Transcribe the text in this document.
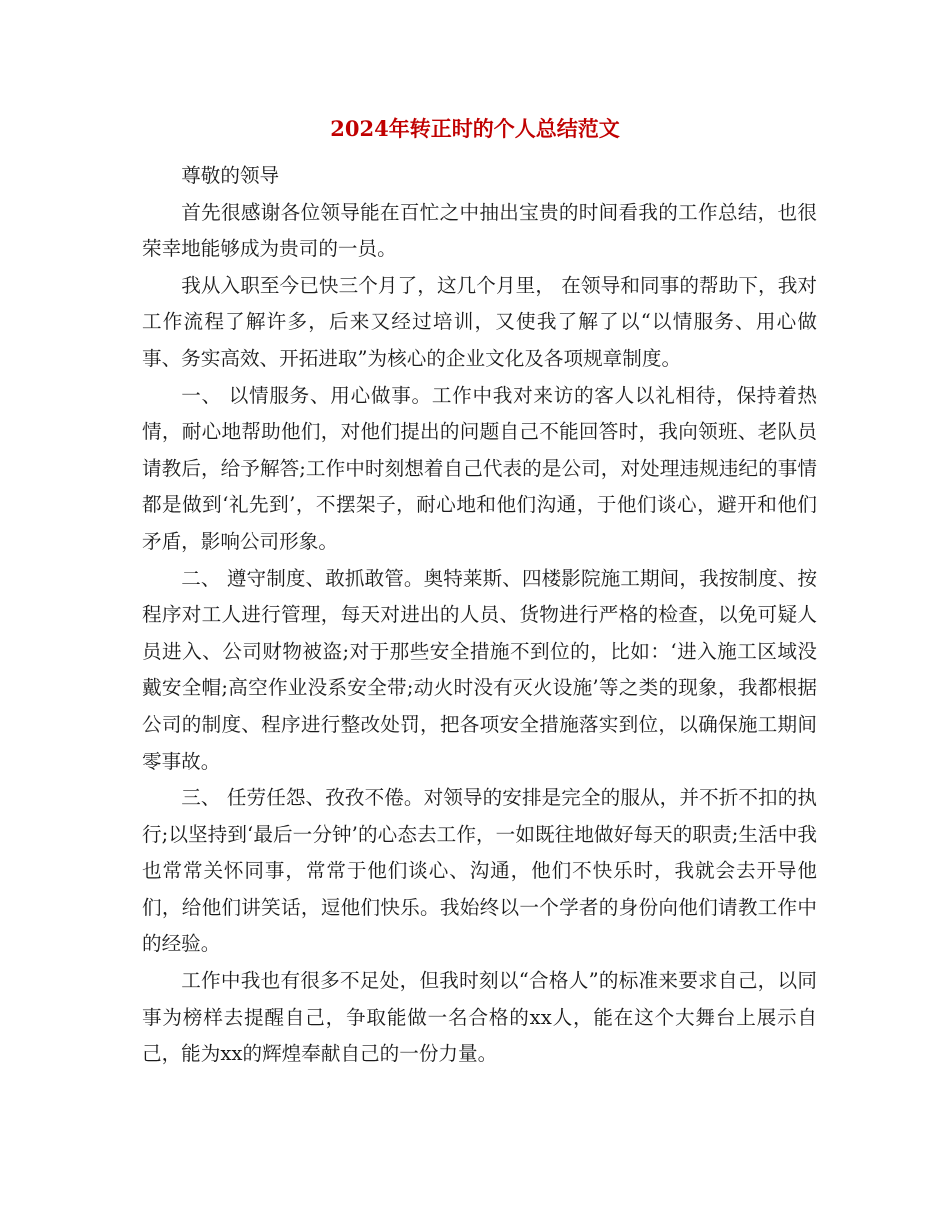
2024年转正时的个人总结范文

尊敬的领导

首先很感谢各位领导能在百忙之中抽出宝贵的时间看我的工作总结，也很荣幸地能够成为贵司的一员。

我从入职至今已快三个月了，这几个月里， 在领导和同事的帮助下，我对工作流程了解许多，后来又经过培训，又使我了解了以“以情服务、用心做事、务实高效、开拓进取”为核心的企业文化及各项规章制度。

一、 以情服务、用心做事。工作中我对来访的客人以礼相待，保持着热情，耐心地帮助他们，对他们提出的问题自己不能回答时，我向领班、老队员请教后，给予解答;工作中时刻想着自己代表的是公司，对处理违规违纪的事情都是做到‘礼先到’，不摆架子，耐心地和他们沟通，于他们谈心，避开和他们矛盾，影响公司形象。

二、 遵守制度、敢抓敢管。奥特莱斯、四楼影院施工期间，我按制度、按程序对工人进行管理，每天对进出的人员、货物进行严格的检查，以免可疑人员进入、公司财物被盗;对于那些安全措施不到位的，比如：‘进入施工区域没戴安全帽;高空作业没系安全带;动火时没有灭火设施’等之类的现象，我都根据公司的制度、程序进行整改处罚，把各项安全措施落实到位，以确保施工期间零事故。

三、 任劳任怨、孜孜不倦。对领导的安排是完全的服从，并不折不扣的执行;以坚持到‘最后一分钟’的心态去工作，一如既往地做好每天的职责;生活中我也常常关怀同事，常常于他们谈心、沟通，他们不快乐时，我就会去开导他们，给他们讲笑话，逗他们快乐。我始终以一个学者的身份向他们请教工作中的经验。

工作中我也有很多不足处，但我时刻以“合格人”的标准来要求自己，以同事为榜样去提醒自己，争取能做一名合格的xx人，能在这个大舞台上展示自己，能为xx的辉煌奉献自己的一份力量。
